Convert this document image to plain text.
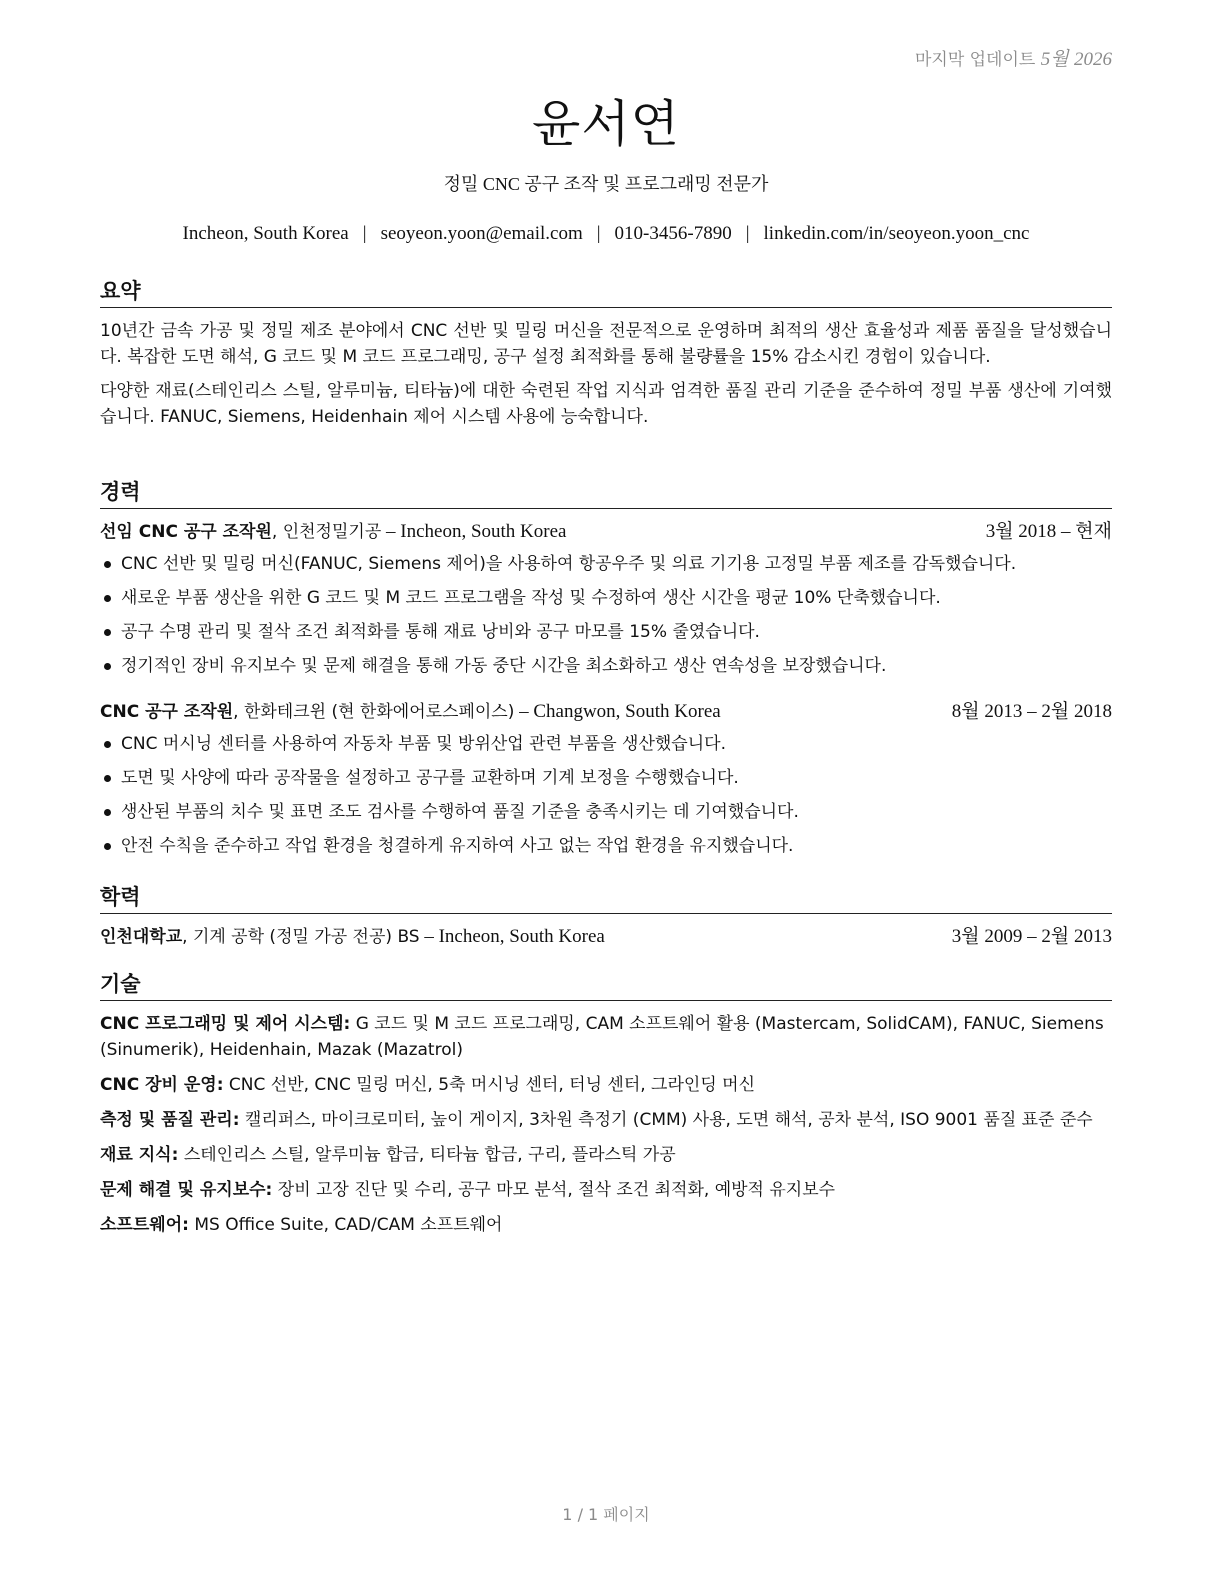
마지막 업데이트 5월 2026
윤서연
정밀 CNC 공구 조작 및 프로그래밍 전문가
Incheon, South Korea | seoyeon.yoon@email.com | 010-3456-7890 | linkedin.com/in/seoyeon.yoon_cnc
요약

10년간 금속 가공 및 정밀 제조 분야에서 CNC 선반 및 밀링 머신을 전문적으로 운영하며 최적의 생산 효율성과 제품 품질을 달성했습니다. 복잡한 도면 해석, G 코드 및 M 코드 프로그래밍, 공구 설정 최적화를 통해 불량률을 15% 감소시킨 경험이 있습니다.

다양한 재료(스테인리스 스틸, 알루미늄, 티타늄)에 대한 숙련된 작업 지식과 엄격한 품질 관리 기준을 준수하여 정밀 부품 생산에 기여했습니다. FANUC, Siemens, Heidenhain 제어 시스템 사용에 능숙합니다.

경력
선임 CNC 공구 조작원, 인천정밀기공 – Incheon, South Korea	3월 2018 – 현재
CNC 선반 및 밀링 머신(FANUC, Siemens 제어)을 사용하여 항공우주 및 의료 기기용 고정밀 부품 제조를 감독했습니다.
새로운 부품 생산을 위한 G 코드 및 M 코드 프로그램을 작성 및 수정하여 생산 시간을 평균 10% 단축했습니다.
공구 수명 관리 및 절삭 조건 최적화를 통해 재료 낭비와 공구 마모를 15% 줄였습니다.
정기적인 장비 유지보수 및 문제 해결을 통해 가동 중단 시간을 최소화하고 생산 연속성을 보장했습니다.
CNC 공구 조작원, 한화테크윈 (현 한화에어로스페이스) – Changwon, South Korea	8월 2013 – 2월 2018
CNC 머시닝 센터를 사용하여 자동차 부품 및 방위산업 관련 부품을 생산했습니다.
도면 및 사양에 따라 공작물을 설정하고 공구를 교환하며 기계 보정을 수행했습니다.
생산된 부품의 치수 및 표면 조도 검사를 수행하여 품질 기준을 충족시키는 데 기여했습니다.
안전 수칙을 준수하고 작업 환경을 청결하게 유지하여 사고 없는 작업 환경을 유지했습니다.
학력
인천대학교, 기계 공학 (정밀 가공 전공) BS – Incheon, South Korea	3월 2009 – 2월 2013
기술
CNC 프로그래밍 및 제어 시스템: G 코드 및 M 코드 프로그래밍, CAM 소프트웨어 활용 (Mastercam, SolidCAM), FANUC, Siemens (Sinumerik), Heidenhain, Mazak (Mazatrol)
CNC 장비 운영: CNC 선반, CNC 밀링 머신, 5축 머시닝 센터, 터닝 센터, 그라인딩 머신
측정 및 품질 관리: 캘리퍼스, 마이크로미터, 높이 게이지, 3차원 측정기 (CMM) 사용, 도면 해석, 공차 분석, ISO 9001 품질 표준 준수
재료 지식: 스테인리스 스틸, 알루미늄 합금, 티타늄 합금, 구리, 플라스틱 가공
문제 해결 및 유지보수: 장비 고장 진단 및 수리, 공구 마모 분석, 절삭 조건 최적화, 예방적 유지보수
소프트웨어: MS Office Suite, CAD/CAM 소프트웨어
1 / 1 페이지
